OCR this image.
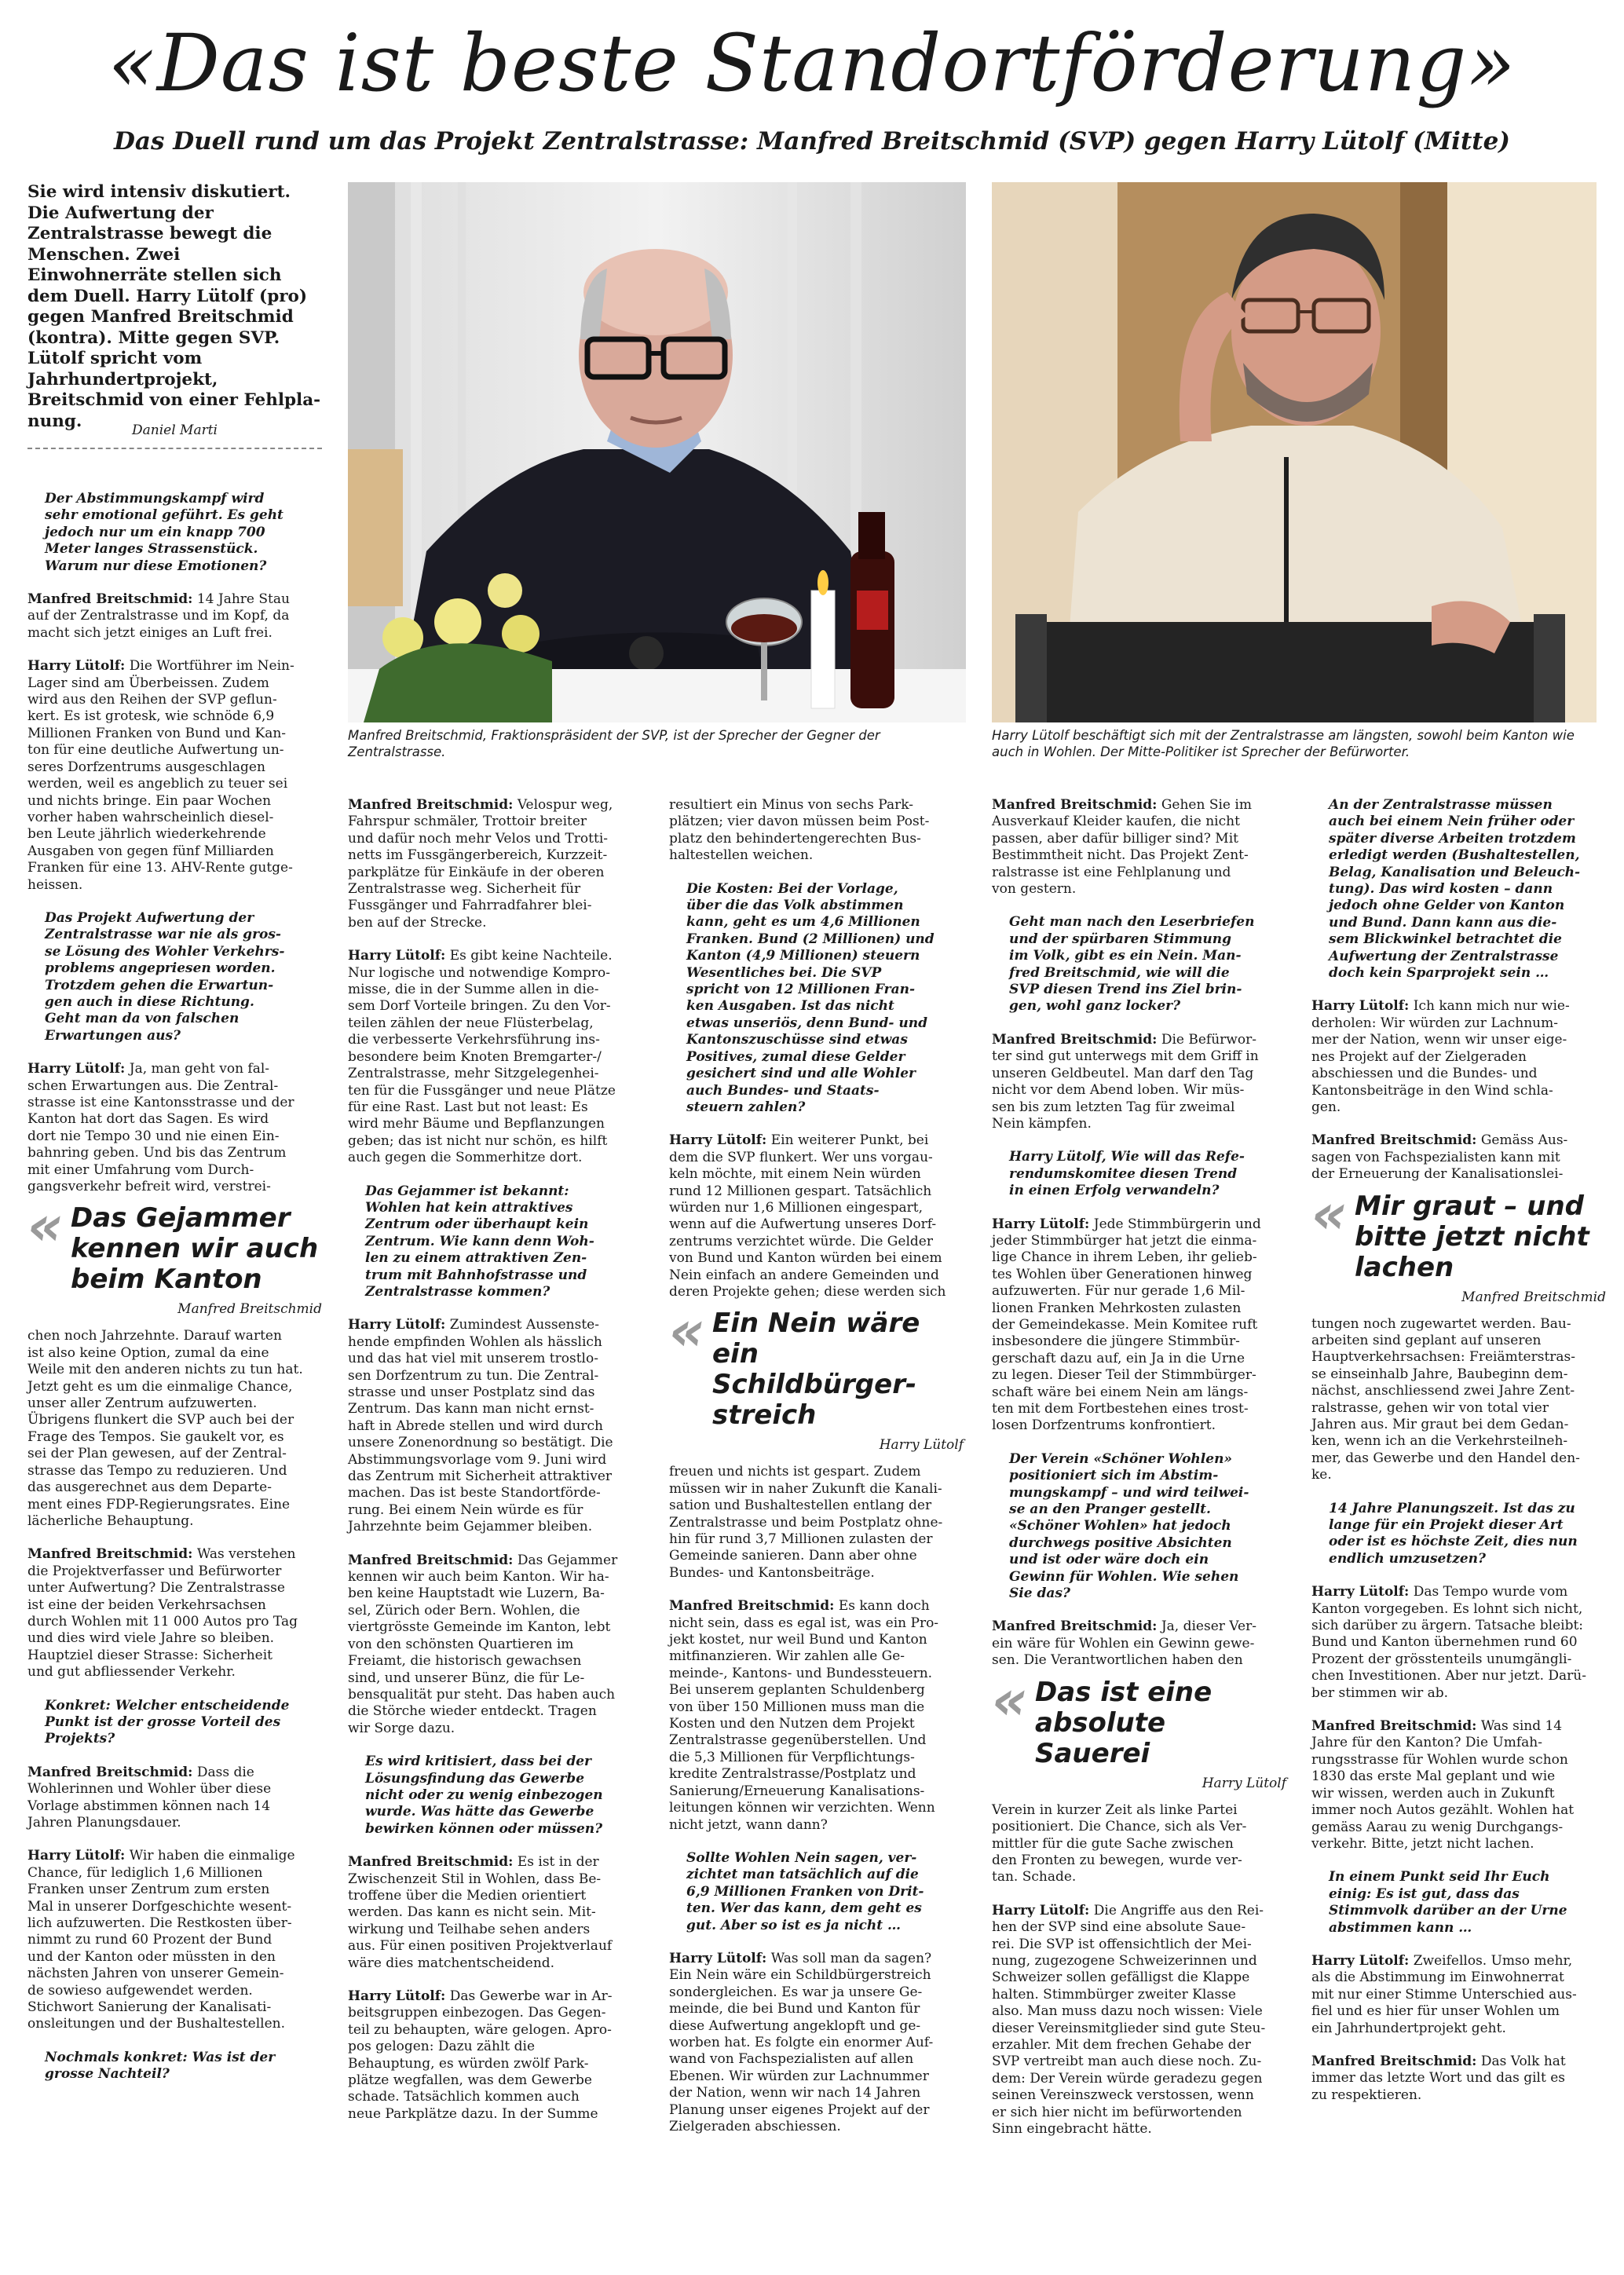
«Das ist beste Standortförderung»
Das Duell rund um das Projekt Zentralstrasse: Manfred Breitschmid (SVP) gegen Harry Lütolf (Mitte)
Sie wird intensiv diskutiert. Die Aufwertung der Zentralstrasse bewegt die Menschen. Zwei Einwohnerräte stellen sich dem Duell. Harry Lütolf (pro) gegen Manfred Breitschmid (kontra). Mitte gegen SVP. Lütolf spricht vom Jahrhundertprojekt, Breitschmid von einer Fehlpla- nung.	Daniel Marti
Manfred Breitschmid, Fraktionspräsident der SVP, ist der Sprecher der Gegner der Zentralstrasse.
Harry Lütolf beschäftigt sich mit der Zentralstrasse am längsten, sowohl beim Kanton wie auch in Wohlen. Der Mitte-Politiker ist Sprecher der Befürworter.

Der Abstimmungskampf wird
sehr emotional geführt. Es geht
jedoch nur um ein knapp 700
Meter langes Strassenstück.
Warum nur diese Emotionen?

Manfred Breitschmid: 14 Jahre Stau
auf der Zentralstrasse und im Kopf, da
macht sich jetzt einiges an Luft frei.

Harry Lütolf: Die Wortführer im Nein-
Lager sind am Überbeissen. Zudem
wird aus den Reihen der SVP geflun-
kert. Es ist grotesk, wie schnöde 6,9
Millionen Franken von Bund und Kan-
ton für eine deutliche Aufwertung un-
seres Dorfzentrums ausgeschlagen
werden, weil es angeblich zu teuer sei
und nichts bringe. Ein paar Wochen
vorher haben wahrscheinlich diesel-
ben Leute jährlich wiederkehrende
Ausgaben von gegen fünf Milliarden
Franken für eine 13. AHV-Rente gutge-
heissen.

Das Projekt Aufwertung der
Zentralstrasse war nie als gros-
se Lösung des Wohler Verkehrs-
problems angepriesen worden.
Trotzdem gehen die Erwartun-
gen auch in diese Richtung.
Geht man da von falschen
Erwartungen aus?

Harry Lütolf: Ja, man geht von fal-
schen Erwartungen aus. Die Zentral-
strasse ist eine Kantonsstrasse und der
Kanton hat dort das Sagen. Es wird
dort nie Tempo 30 und nie einen Ein-
bahnring geben. Und bis das Zentrum
mit einer Umfahrung vom Durch-
gangsverkehr befreit wird, verstrei-

« Das Gejammer
kennen wir auch
beim Kanton
Manfred Breitschmid

chen noch Jahrzehnte. Darauf warten
ist also keine Option, zumal da eine
Weile mit den anderen nichts zu tun hat.
Jetzt geht es um die einmalige Chance,
unser aller Zentrum aufzuwerten.
Übrigens flunkert die SVP auch bei der
Frage des Tempos. Sie gaukelt vor, es
sei der Plan gewesen, auf der Zentral-
strasse das Tempo zu reduzieren. Und
das ausgerechnet aus dem Departe-
ment eines FDP-Regierungsrates. Eine
lächerliche Behauptung.

Manfred Breitschmid: Was verstehen
die Projektverfasser und Befürworter
unter Aufwertung? Die Zentralstrasse
ist eine der beiden Verkehrsachsen
durch Wohlen mit 11 000 Autos pro Tag
und dies wird viele Jahre so bleiben.
Hauptziel dieser Strasse: Sicherheit
und gut abfliessender Verkehr.

Konkret: Welcher entscheidende
Punkt ist der grosse Vorteil des
Projekts?

Manfred Breitschmid: Dass die
Wohlerinnen und Wohler über diese
Vorlage abstimmen können nach 14
Jahren Planungsdauer.

Harry Lütolf: Wir haben die einmalige
Chance, für lediglich 1,6 Millionen
Franken unser Zentrum zum ersten
Mal in unserer Dorfgeschichte wesent-
lich aufzuwerten. Die Restkosten über-
nimmt zu rund 60 Prozent der Bund
und der Kanton oder müssten in den
nächsten Jahren von unserer Gemein-
de sowieso aufgewendet werden.
Stichwort Sanierung der Kanalisati-
onsleitungen und der Bushaltestellen.

Nochmals konkret: Was ist der
grosse Nachteil?

Manfred Breitschmid: Velospur weg,
Fahrspur schmäler, Trottoir breiter
und dafür noch mehr Velos und Trotti-
netts im Fussgängerbereich, Kurzzeit-
parkplätze für Einkäufe in der oberen
Zentralstrasse weg. Sicherheit für
Fussgänger und Fahrradfahrer blei-
ben auf der Strecke.

Harry Lütolf: Es gibt keine Nachteile.
Nur logische und notwendige Kompro-
misse, die in der Summe allen in die-
sem Dorf Vorteile bringen. Zu den Vor-
teilen zählen der neue Flüsterbelag,
die verbesserte Verkehrsführung ins-
besondere beim Knoten Bremgarter-/
Zentralstrasse, mehr Sitzgelegenhei-
ten für die Fussgänger und neue Plätze
für eine Rast. Last but not least: Es
wird mehr Bäume und Bepflanzungen
geben; das ist nicht nur schön, es hilft
auch gegen die Sommerhitze dort.

Das Gejammer ist bekannt:
Wohlen hat kein attraktives
Zentrum oder überhaupt kein
Zentrum. Wie kann denn Woh-
len zu einem attraktiven Zen-
trum mit Bahnhofstrasse und
Zentralstrasse kommen?

Harry Lütolf: Zumindest Aussenste-
hende empfinden Wohlen als hässlich
und das hat viel mit unserem trostlo-
sen Dorfzentrum zu tun. Die Zentral-
strasse und unser Postplatz sind das
Zentrum. Das kann man nicht ernst-
haft in Abrede stellen und wird durch
unsere Zonenordnung so bestätigt. Die
Abstimmungsvorlage vom 9. Juni wird
das Zentrum mit Sicherheit attraktiver
machen. Das ist beste Standortförde-
rung. Bei einem Nein würde es für
Jahrzehnte beim Gejammer bleiben.

Manfred Breitschmid: Das Gejammer
kennen wir auch beim Kanton. Wir ha-
ben keine Hauptstadt wie Luzern, Ba-
sel, Zürich oder Bern. Wohlen, die
viertgrösste Gemeinde im Kanton, lebt
von den schönsten Quartieren im
Freiamt, die historisch gewachsen
sind, und unserer Bünz, die für Le-
bensqualität pur steht. Das haben auch
die Störche wieder entdeckt. Tragen
wir Sorge dazu.

Es wird kritisiert, dass bei der
Lösungsfindung das Gewerbe
nicht oder zu wenig einbezogen
wurde. Was hätte das Gewerbe
bewirken können oder müssen?

Manfred Breitschmid: Es ist in der
Zwischenzeit Stil in Wohlen, dass Be-
troffene über die Medien orientiert
werden. Das kann es nicht sein. Mit-
wirkung und Teilhabe sehen anders
aus. Für einen positiven Projektverlauf
wäre dies matchentscheidend.

Harry Lütolf: Das Gewerbe war in Ar-
beitsgruppen einbezogen. Das Gegen-
teil zu behaupten, wäre gelogen. Apro-
pos gelogen: Dazu zählt die
Behauptung, es würden zwölf Park-
plätze wegfallen, was dem Gewerbe
schade. Tatsächlich kommen auch
neue Parkplätze dazu. In der Summe

resultiert ein Minus von sechs Park-
plätzen; vier davon müssen beim Post-
platz den behindertengerechten Bus-
haltestellen weichen.

Die Kosten: Bei der Vorlage,
über die das Volk abstimmen
kann, geht es um 4,6 Millionen
Franken. Bund (2 Millionen) und
Kanton (4,9 Millionen) steuern
Wesentliches bei. Die SVP
spricht von 12 Millionen Fran-
ken Ausgaben. Ist das nicht
etwas unseriös, denn Bund- und
Kantonszuschüsse sind etwas
Positives, zumal diese Gelder
gesichert sind und alle Wohler
auch Bundes- und Staats-
steuern zahlen?

Harry Lütolf: Ein weiterer Punkt, bei
dem die SVP flunkert. Wer uns vorgau-
keln möchte, mit einem Nein würden
rund 12 Millionen gespart. Tatsächlich
würden nur 1,6 Millionen eingespart,
wenn auf die Aufwertung unseres Dorf-
zentrums verzichtet würde. Die Gelder
von Bund und Kanton würden bei einem
Nein einfach an andere Gemeinden und
deren Projekte gehen; diese werden sich

« Ein Nein wäre
ein Schildbürger-
streich
Harry Lütolf

freuen und nichts ist gespart. Zudem
müssen wir in naher Zukunft die Kanali-
sation und Bushaltestellen entlang der
Zentralstrasse und beim Postplatz ohne-
hin für rund 3,7 Millionen zulasten der
Gemeinde sanieren. Dann aber ohne
Bundes- und Kantonsbeiträge.

Manfred Breitschmid: Es kann doch
nicht sein, dass es egal ist, was ein Pro-
jekt kostet, nur weil Bund und Kanton
mitfinanzieren. Wir zahlen alle Ge-
meinde-, Kantons- und Bundessteuern.
Bei unserem geplanten Schuldenberg
von über 150 Millionen muss man die
Kosten und den Nutzen dem Projekt
Zentralstrasse gegenüberstellen. Und
die 5,3 Millionen für Verpflichtungs-
kredite Zentralstrasse/Postplatz und
Sanierung/Erneuerung Kanalisations-
leitungen können wir verzichten. Wenn
nicht jetzt, wann dann?

Sollte Wohlen Nein sagen, ver-
zichtet man tatsächlich auf die
6,9 Millionen Franken von Drit-
ten. Wer das kann, dem geht es
gut. Aber so ist es ja nicht …

Harry Lütolf: Was soll man da sagen?
Ein Nein wäre ein Schildbürgerstreich
sondergleichen. Es war ja unsere Ge-
meinde, die bei Bund und Kanton für
diese Aufwertung angeklopft und ge-
worben hat. Es folgte ein enormer Auf-
wand von Fachspezialisten auf allen
Ebenen. Wir würden zur Lachnummer
der Nation, wenn wir nach 14 Jahren
Planung unser eigenes Projekt auf der
Zielgeraden abschiessen.

Manfred Breitschmid: Gehen Sie im
Ausverkauf Kleider kaufen, die nicht
passen, aber dafür billiger sind? Mit
Bestimmtheit nicht. Das Projekt Zent-
ralstrasse ist eine Fehlplanung und
von gestern.

Geht man nach den Leserbriefen
und der spürbaren Stimmung
im Volk, gibt es ein Nein. Man-
fred Breitschmid, wie will die
SVP diesen Trend ins Ziel brin-
gen, wohl ganz locker?

Manfred Breitschmid: Die Befürwor-
ter sind gut unterwegs mit dem Griff in
unseren Geldbeutel. Man darf den Tag
nicht vor dem Abend loben. Wir müs-
sen bis zum letzten Tag für zweimal
Nein kämpfen.

Harry Lütolf, Wie will das Refe-
rendumskomitee diesen Trend
in einen Erfolg verwandeln?

Harry Lütolf: Jede Stimmbürgerin und
jeder Stimmbürger hat jetzt die einma-
lige Chance in ihrem Leben, ihr gelieb-
tes Wohlen über Generationen hinweg
aufzuwerten. Für nur gerade 1,6 Mil-
lionen Franken Mehrkosten zulasten
der Gemeindekasse. Mein Komitee ruft
insbesondere die jüngere Stimmbür-
gerschaft dazu auf, ein Ja in die Urne
zu legen. Dieser Teil der Stimmbürger-
schaft wäre bei einem Nein am längs-
ten mit dem Fortbestehen eines trost-
losen Dorfzentrums konfrontiert.

Der Verein «Schöner Wohlen»
positioniert sich im Abstim-
mungskampf – und wird teilwei-
se an den Pranger gestellt.
«Schöner Wohlen» hat jedoch
durchwegs positive Absichten
und ist oder wäre doch ein
Gewinn für Wohlen. Wie sehen
Sie das?

Manfred Breitschmid: Ja, dieser Ver-
ein wäre für Wohlen ein Gewinn gewe-
sen. Die Verantwortlichen haben den

« Das ist eine
absolute Sauerei
Harry Lütolf

Verein in kurzer Zeit als linke Partei
positioniert. Die Chance, sich als Ver-
mittler für die gute Sache zwischen
den Fronten zu bewegen, wurde ver-
tan. Schade.

Harry Lütolf: Die Angriffe aus den Rei-
hen der SVP sind eine absolute Saue-
rei. Die SVP ist offensichtlich der Mei-
nung, zugezogene Schweizerinnen und
Schweizer sollen gefälligst die Klappe
halten. Stimmbürger zweiter Klasse
also. Man muss dazu noch wissen: Viele
dieser Vereinsmitglieder sind gute Steu-
erzahler. Mit dem frechen Gehabe der
SVP vertreibt man auch diese noch. Zu-
dem: Der Verein würde geradezu gegen
seinen Vereinszweck verstossen, wenn
er sich hier nicht im befürwortenden
Sinn eingebracht hätte.

An der Zentralstrasse müssen
auch bei einem Nein früher oder
später diverse Arbeiten trotzdem
erledigt werden (Bushaltestellen,
Belag, Kanalisation und Beleuch-
tung). Das wird kosten – dann
jedoch ohne Gelder von Kanton
und Bund. Dann kann aus die-
sem Blickwinkel betrachtet die
Aufwertung der Zentralstrasse
doch kein Sparprojekt sein …

Harry Lütolf: Ich kann mich nur wie-
derholen: Wir würden zur Lachnum-
mer der Nation, wenn wir unser eige-
nes Projekt auf der Zielgeraden
abschiessen und die Bundes- und
Kantonsbeiträge in den Wind schla-
gen.

Manfred Breitschmid: Gemäss Aus-
sagen von Fachspezialisten kann mit
der Erneuerung der Kanalisationslei-

« Mir graut – und
bitte jetzt nicht
lachen
Manfred Breitschmid

tungen noch zugewartet werden. Bau-
arbeiten sind geplant auf unseren
Hauptverkehrsachsen: Freiämterstras-
se einseinhalb Jahre, Baubeginn dem-
nächst, anschliessend zwei Jahre Zent-
ralstrasse, gehen wir von total vier
Jahren aus. Mir graut bei dem Gedan-
ken, wenn ich an die Verkehrsteilneh-
mer, das Gewerbe und den Handel den-
ke.

14 Jahre Planungszeit. Ist das zu
lange für ein Projekt dieser Art
oder ist es höchste Zeit, dies nun
endlich umzusetzen?

Harry Lütolf: Das Tempo wurde vom
Kanton vorgegeben. Es lohnt sich nicht,
sich darüber zu ärgern. Tatsache bleibt:
Bund und Kanton übernehmen rund 60
Prozent der grösstenteils unumgängli-
chen Investitionen. Aber nur jetzt. Darü-
ber stimmen wir ab.

Manfred Breitschmid: Was sind 14
Jahre für den Kanton? Die Umfah-
rungsstrasse für Wohlen wurde schon
1830 das erste Mal geplant und wie
wir wissen, werden auch in Zukunft
immer noch Autos gezählt. Wohlen hat
gemäss Aarau zu wenig Durchgangs-
verkehr. Bitte, jetzt nicht lachen.

In einem Punkt seid Ihr Euch
einig: Es ist gut, dass das
Stimmvolk darüber an der Urne
abstimmen kann …

Harry Lütolf: Zweifellos. Umso mehr,
als die Abstimmung im Einwohnerrat
mit nur einer Stimme Unterschied aus-
fiel und es hier für unser Wohlen um
ein Jahrhundertprojekt geht.

Manfred Breitschmid: Das Volk hat
immer das letzte Wort und das gilt es
zu respektieren.
